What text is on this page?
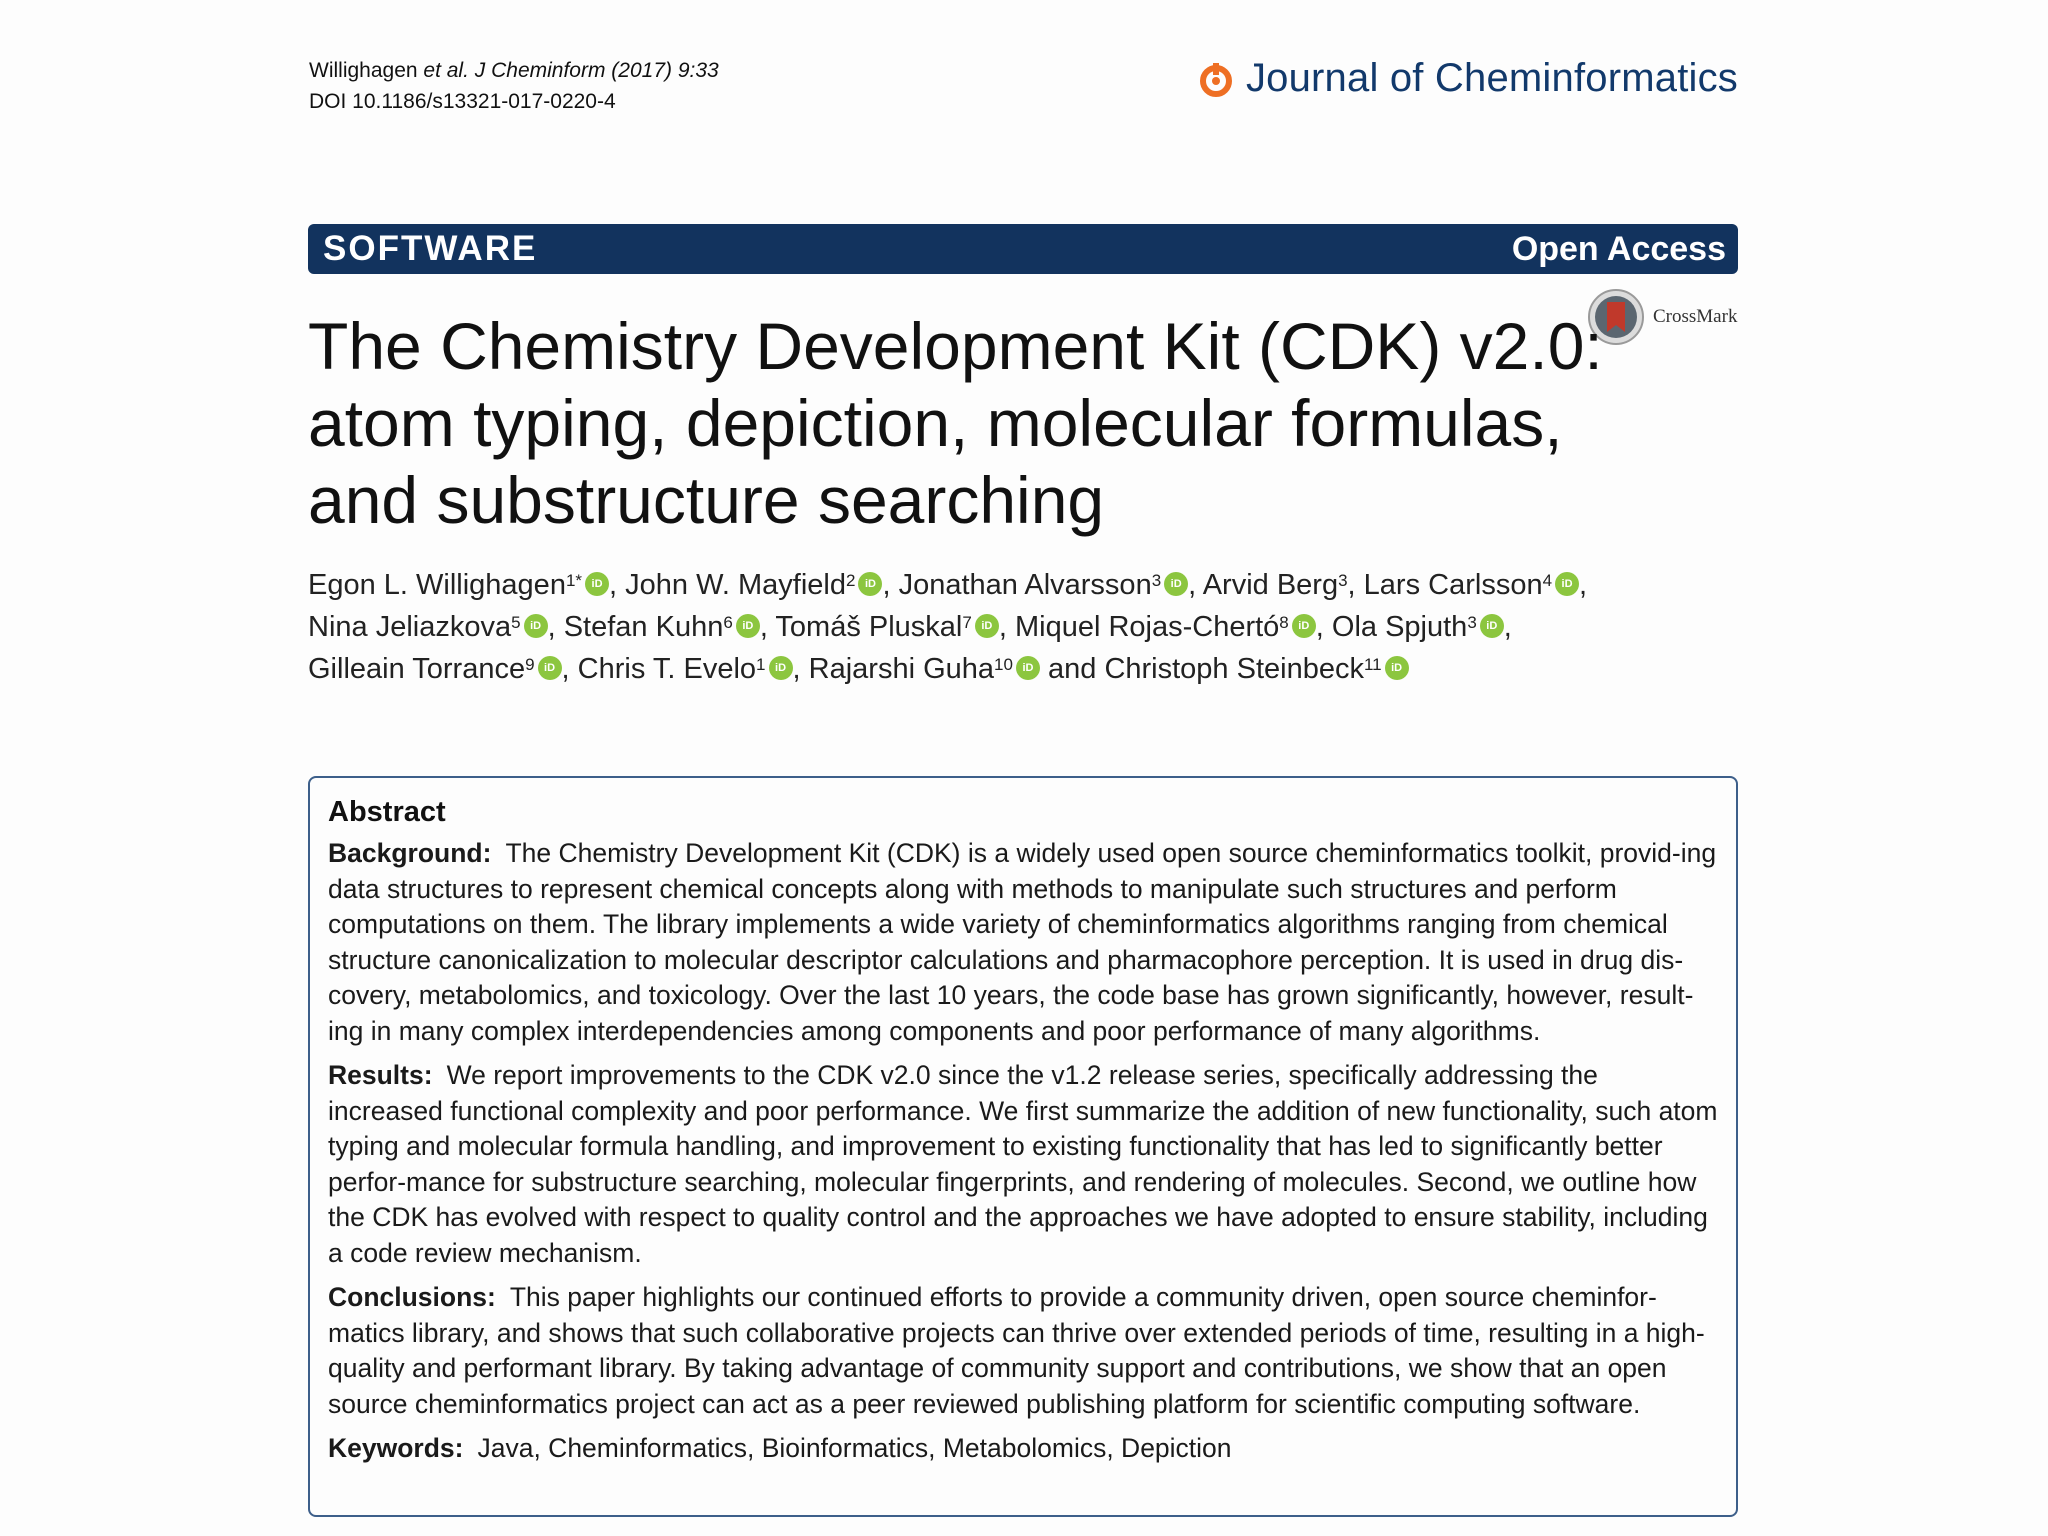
Willighagen et al. J Cheminform (2017) 9:33
DOI 10.1186/s13321-017-0220-4
Journal of Cheminformatics
SOFTWARE	Open Access
CrossMark
The Chemistry Development Kit (CDK) v2.0: atom typing, depiction, molecular formulas, and substructure searching
Egon L. Willighagen$^{1*}$ iD , John W. Mayfield$^2$ iD , Jonathan Alvarsson$^3$ iD , Arvid Berg$^3$, Lars Carlsson$^4$ iD , Nina Jeliazkova$^5$ iD , Stefan Kuhn$^6$ iD , Tomáš Pluskal$^7$ iD , Miquel Rojas-Chertó$^8$ iD , Ola Spjuth$^3$ iD , Gilleain Torrance$^9$ iD , Chris T. Evelo$^1$ iD , Rajarshi Guha$^{10}$iD and Christoph Steinbeck$^{11}$iD
Abstract

Background: The Chemistry Development Kit (CDK) is a widely used open source cheminformatics toolkit, provid-ing data structures to represent chemical concepts along with methods to manipulate such structures and perform computations on them. The library implements a wide variety of cheminformatics algorithms ranging from chemical structure canonicalization to molecular descriptor calculations and pharmacophore perception. It is used in drug dis-covery, metabolomics, and toxicology. Over the last 10 years, the code base has grown significantly, however, result-ing in many complex interdependencies among components and poor performance of many algorithms.

Results: We report improvements to the CDK v2.0 since the v1.2 release series, specifically addressing the increased functional complexity and poor performance. We first summarize the addition of new functionality, such atom typing and molecular formula handling, and improvement to existing functionality that has led to significantly better perfor-mance for substructure searching, molecular fingerprints, and rendering of molecules. Second, we outline how the CDK has evolved with respect to quality control and the approaches we have adopted to ensure stability, including a code review mechanism.

Conclusions: This paper highlights our continued efforts to provide a community driven, open source cheminfor-matics library, and shows that such collaborative projects can thrive over extended periods of time, resulting in a high-quality and performant library. By taking advantage of community support and contributions, we show that an open source cheminformatics project can act as a peer reviewed publishing platform for scientific computing software.

Keywords: Java, Cheminformatics, Bioinformatics, Metabolomics, Depiction
